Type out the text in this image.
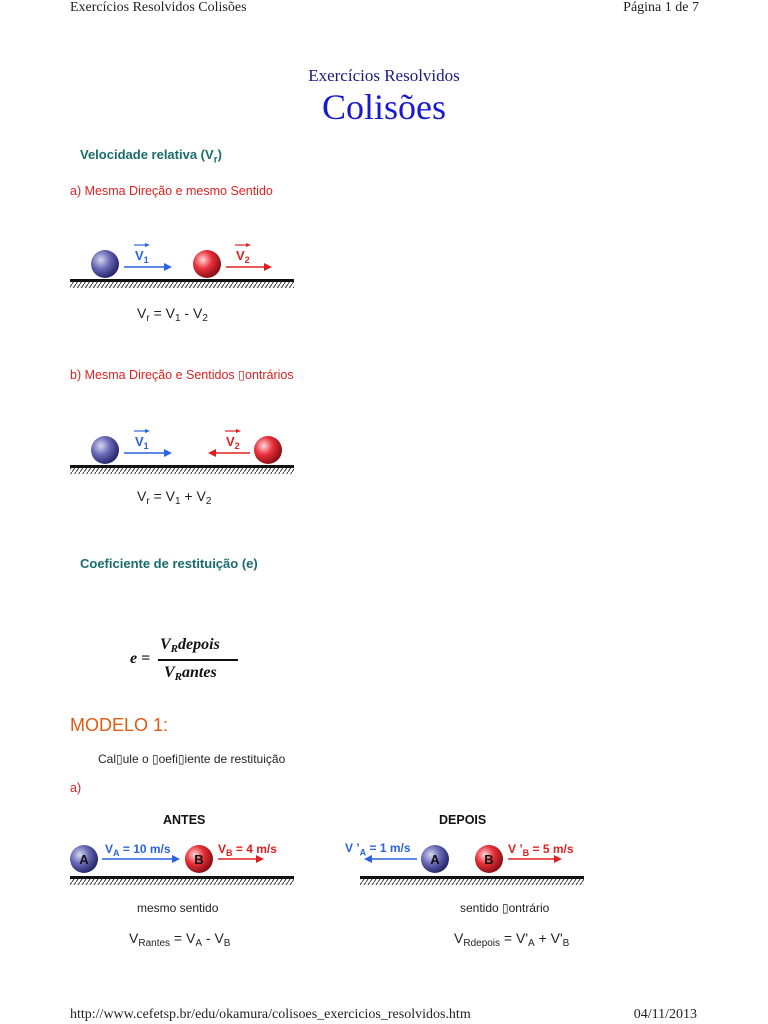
Exercícios Resolvidos Colisões	Página 1 de 7
Exercícios Resolvidos
Colisões
Velocidade relativa $(V_r)$
a) Mesma Direção e mesmo Sentido
$V_1$	$V_2$
$V_r = V_1 - V_2$
b) Mesma Direção e Sentidos ▯ontrários
$V_1$	$V_2$
$V_r = V_1 + V_2$
Coeficiente de restituição (e)
e =
$V_Rdepois$
$V_Rantes$
MODELO 1:
Cal▯ule o ▯oefi▯iente de restituição
a)
ANTES	DEPOIS
A	B
$V_A = 10$ m/s	$V_B = 4$ m/s
A	B
V $’_B = 5$ m/s
V $’_A = 1$ m/s
mesmo sentido	sentido ▯ontrário
$V_{Rantes} = V_A - V_B$	$V_{Rdepois} = V'_A + V'_B$
http://www.cefetsp.br/edu/okamura/colisoes_exercicios_resolvidos.htm	04/11/2013
